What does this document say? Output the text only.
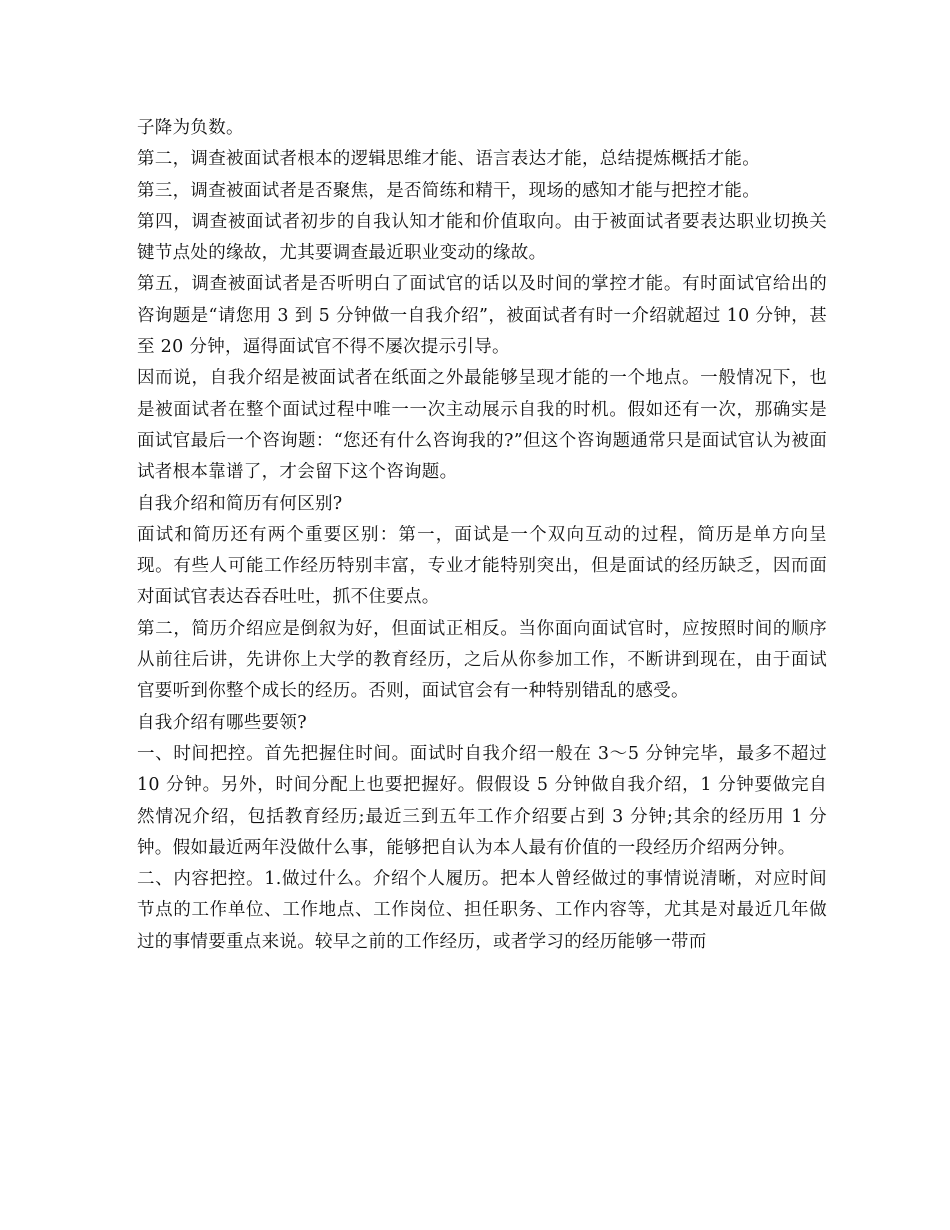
子降为负数。

第二，调查被面试者根本的逻辑思维才能、语言表达才能，总结提炼概括才能。

第三，调查被面试者是否聚焦，是否简练和精干，现场的感知才能与把控才能。

第四，调查被面试者初步的自我认知才能和价值取向。由于被面试者要表达职业切换关键节点处的缘故，尤其要调查最近职业变动的缘故。

第五，调查被面试者是否听明白了面试官的话以及时间的掌控才能。有时面试官给出的咨询题是“请您用 3 到 5 分钟做一自我介绍”，被面试者有时一介绍就超过 10 分钟，甚至 20 分钟，逼得面试官不得不屡次提示引导。

因而说，自我介绍是被面试者在纸面之外最能够呈现才能的一个地点。一般情况下，也是被面试者在整个面试过程中唯一一次主动展示自我的时机。假如还有一次，那确实是面试官最后一个咨询题：“您还有什么咨询我的?”但这个咨询题通常只是面试官认为被面试者根本靠谱了，才会留下这个咨询题。

自我介绍和简历有何区别?

面试和简历还有两个重要区别：第一，面试是一个双向互动的过程，简历是单方向呈现。有些人可能工作经历特别丰富，专业才能特别突出，但是面试的经历缺乏，因而面对面试官表达吞吞吐吐，抓不住要点。

第二，简历介绍应是倒叙为好，但面试正相反。当你面向面试官时，应按照时间的顺序从前往后讲，先讲你上大学的教育经历，之后从你参加工作，不断讲到现在，由于面试官要听到你整个成长的经历。否则，面试官会有一种特别错乱的感受。

自我介绍有哪些要领?

一、时间把控。首先把握住时间。面试时自我介绍一般在 3～5 分钟完毕，最多不超过 10 分钟。另外，时间分配上也要把握好。假假设 5 分钟做自我介绍，1 分钟要做完自然情况介绍，包括教育经历;最近三到五年工作介绍要占到 3 分钟;其余的经历用 1 分钟。假如最近两年没做什么事，能够把自认为本人最有价值的一段经历介绍两分钟。

二、内容把控。1.做过什么。介绍个人履历。把本人曾经做过的事情说清晰，对应时间节点的工作单位、工作地点、工作岗位、担任职务、工作内容等，尤其是对最近几年做过的事情要重点来说。较早之前的工作经历，或者学习的经历能够一带而
